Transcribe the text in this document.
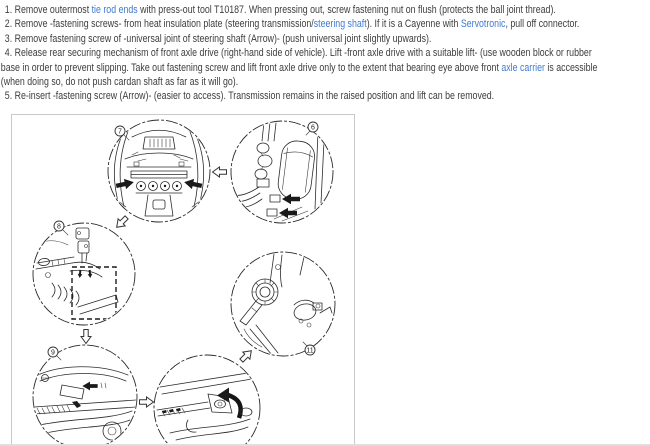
1. Remove outermost tie rod ends with press-out tool T10187. When pressing out, screw fastening nut on flush (protects the ball joint thread).
2. Remove -fastening screws- from heat insulation plate (steering transmission/steering shaft). If it is a Cayenne with Servotronic, pull off connector.
3. Remove fastening screw of -universal joint of steering shaft (Arrow)- (push universal joint slightly upwards).
4. Release rear securing mechanism of front axle drive (right-hand side of vehicle). Lift -front axle drive with a suitable lift- (use wooden block or rubber
base in order to prevent slipping. Take out fastening screw and lift front axle drive only to the extent that bearing eye above front axle carrier is accessible
(when doing so, do not push cardan shaft as far as it will go).
5. Re-insert -fastening screw (Arrow)- (easier to access). Transmission remains in the raised position and lift can be removed.
7
6
8
11
9
